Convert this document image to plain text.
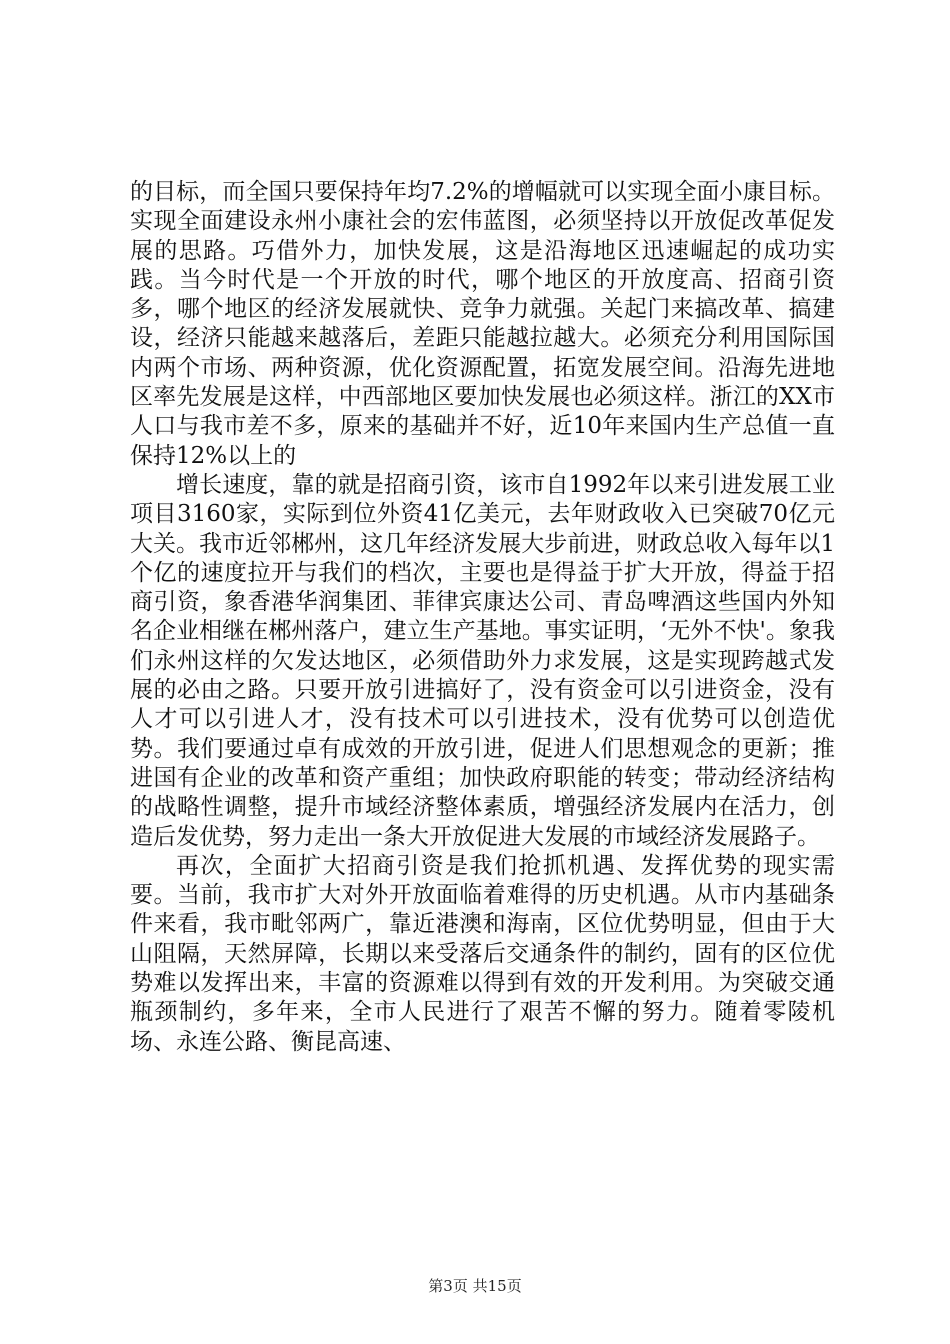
的目标，而全国只要保持年均7.2%的增幅就可以实现全面小康目标。实现全面建设永州小康社会的宏伟蓝图，必须坚持以开放促改革促发展的思路。巧借外力，加快发展，这是沿海地区迅速崛起的成功实践。当今时代是一个开放的时代，哪个地区的开放度高、招商引资多，哪个地区的经济发展就快、竞争力就强。关起门来搞改革、搞建设，经济只能越来越落后，差距只能越拉越大。必须充分利用国际国内两个市场、两种资源，优化资源配置，拓宽发展空间。沿海先进地区率先发展是这样，中西部地区要加快发展也必须这样。浙江的XX市人口与我市差不多，原来的基础并不好，近10年来国内生产总值一直保持12%以上的

增长速度，靠的就是招商引资，该市自1992年以来引进发展工业项目3160家，实际到位外资41亿美元，去年财政收入已突破70亿元大关。我市近邻郴州，这几年经济发展大步前进，财政总收入每年以1个亿的速度拉开与我们的档次，主要也是得益于扩大开放，得益于招商引资，象香港华润集团、菲律宾康达公司、青岛啤酒这些国内外知名企业相继在郴州落户，建立生产基地。事实证明，‘无外不快'。象我们永州这样的欠发达地区，必须借助外力求发展，这是实现跨越式发展的必由之路。只要开放引进搞好了，没有资金可以引进资金，没有人才可以引进人才，没有技术可以引进技术，没有优势可以创造优势。我们要通过卓有成效的开放引进，促进人们思想观念的更新；推进国有企业的改革和资产重组；加快政府职能的转变；带动经济结构的战略性调整，提升市域经济整体素质，增强经济发展内在活力，创造后发优势，努力走出一条大开放促进大发展的市域经济发展路子。

再次，全面扩大招商引资是我们抢抓机遇、发挥优势的现实需要。当前，我市扩大对外开放面临着难得的历史机遇。从市内基础条件来看，我市毗邻两广，靠近港澳和海南，区位优势明显，但由于大山阻隔，天然屏障，长期以来受落后交通条件的制约，固有的区位优势难以发挥出来，丰富的资源难以得到有效的开发利用。为突破交通瓶颈制约，多年来，全市人民进行了艰苦不懈的努力。随着零陵机场、永连公路、衡昆高速、

第3页 共15页
